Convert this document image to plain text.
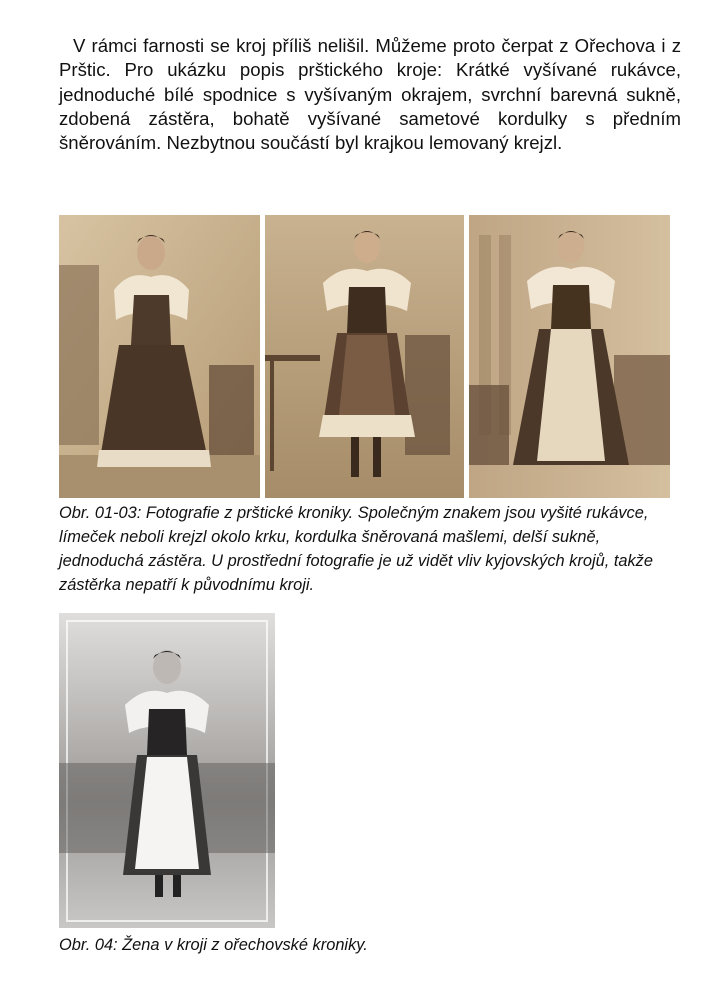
V rámci farnosti se kroj příliš nelišil. Můžeme proto čerpat z Ořechova i z Prštic. Pro ukázku popis prštického kroje: Krátké vyšívané rukávce, jednoduché bílé spodnice s vyšívaným okrajem, svrchní barevná sukně, zdobená zástěra, bohatě vyšívané sametové kordulky s předním šněrováním. Nezbytnou součástí byl krajkou lemovaný krejzl.

Obr. 01-03: Fotografie z prštické kroniky. Společným znakem jsou vyšité rukávce, límeček neboli krejzl okolo krku, kordulka šněrovaná mašlemi, delší sukně, jednoduchá zástěra. U prostřední fotografie je už vidět vliv kyjovských krojů, takže zástěrka nepatří k původnímu kroji.

Obr. 04: Žena v kroji z ořechovské kroniky.
